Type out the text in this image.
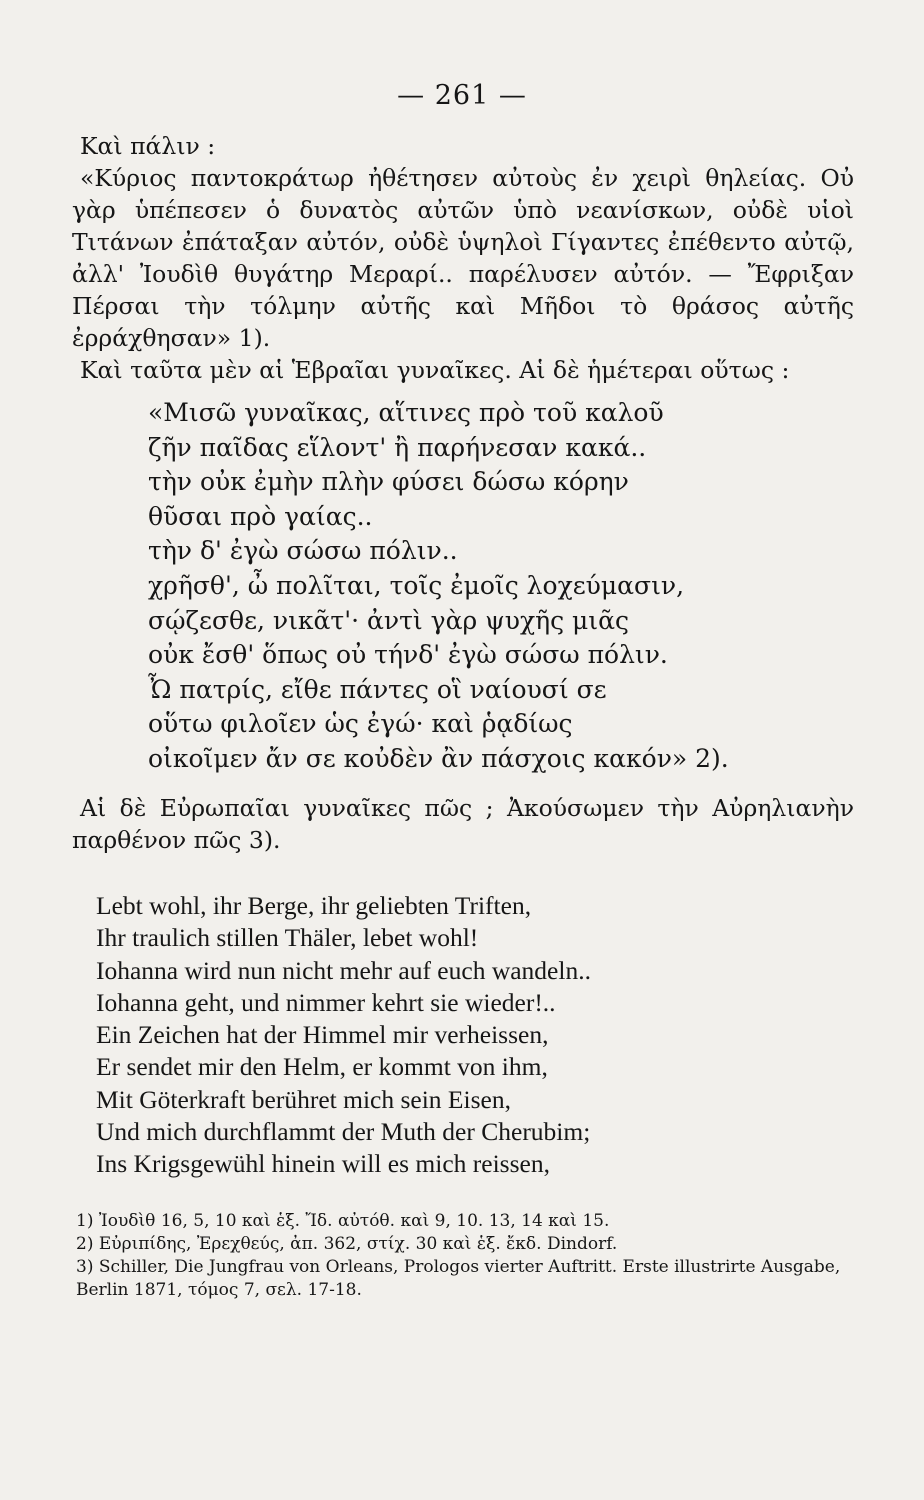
— 261 —

Καὶ πάλιν :

«Κύριος παντοκράτωρ ἠθέτησεν αὐτοὺς ἐν χειρὶ θηλείας. Οὐ γὰρ ὑπέπεσεν ὁ δυνατὸς αὐτῶν ὑπὸ νεανίσκων, οὐδὲ υἱοὶ Τιτάνων ἐπάταξαν αὐτόν, οὐδὲ ὑψηλοὶ Γίγαντες ἐπέθεντο αὐτῷ, ἀλλ' Ἰουδὶθ θυγάτηρ Μεραρί.. παρέλυσεν αὐτόν. — Ἔφριξαν Πέρσαι τὴν τόλμην αὐτῆς καὶ Μῆδοι τὸ θράσος αὐτῆς ἐρράχθησαν» 1).

Καὶ ταῦτα μὲν αἱ Ἑβραῖαι γυναῖκες. Αἱ δὲ ἡμέτεραι οὕτως :

«Μισῶ γυναῖκας, αἵτινες πρὸ τοῦ καλοῦ
ζῆν παῖδας εἵλοντ' ἢ παρήνεσαν κακά..
τὴν οὐκ ἐμὴν πλὴν φύσει δώσω κόρην
θῦσαι πρὸ γαίας..
τὴν δ' ἐγὼ σώσω πόλιν..
χρῆσθ', ὦ πολῖται, τοῖς ἐμοῖς λοχεύμασιν,
σῴζεσθε, νικᾶτ'· ἀντὶ γὰρ ψυχῆς μιᾶς
οὐκ ἔσθ' ὅπως οὐ τήνδ' ἐγὼ σώσω πόλιν.
Ὦ πατρίς, εἴθε πάντες οἳ ναίουσί σε
οὕτω φιλοῖεν ὡς ἐγώ· καὶ ῥᾳδίως
οἰκοῖμεν ἄν σε κοὐδὲν ἂν πάσχοις κακόν» 2).

Αἱ δὲ Εὐρωπαῖαι γυναῖκες πῶς ; Ἀκούσωμεν τὴν Αὐρηλιανὴν παρθένον πῶς 3).

Lebt wohl, ihr Berge, ihr geliebten Triften,
Ihr traulich stillen Thäler, lebet wohl!
Iohanna wird nun nicht mehr auf euch wandeln..
Iohanna geht, und nimmer kehrt sie wieder!..
Ein Zeichen hat der Himmel mir verheissen,
Er sendet mir den Helm, er kommt von ihm,
Mit Göterkraft berühret mich sein Eisen,
Und mich durchflammt der Muth der Cherubim;
Ins Krigsgewühl hinein will es mich reissen,
1) Ἰουδὶθ 16, 5, 10 καὶ ἑξ. Ἴδ. αὐτόθ. καὶ 9, 10. 13, 14 καὶ 15.
2) Εὐριπίδης, Ἐρεχθεύς, ἀπ. 362, στίχ. 30 καὶ ἑξ. ἔκδ. Dindorf.
3) Schiller, Die Jungfrau von Orleans, Prologos vierter Auftritt. Erste illustrirte Ausgabe, Berlin 1871, τόμος 7, σελ. 17-18.
